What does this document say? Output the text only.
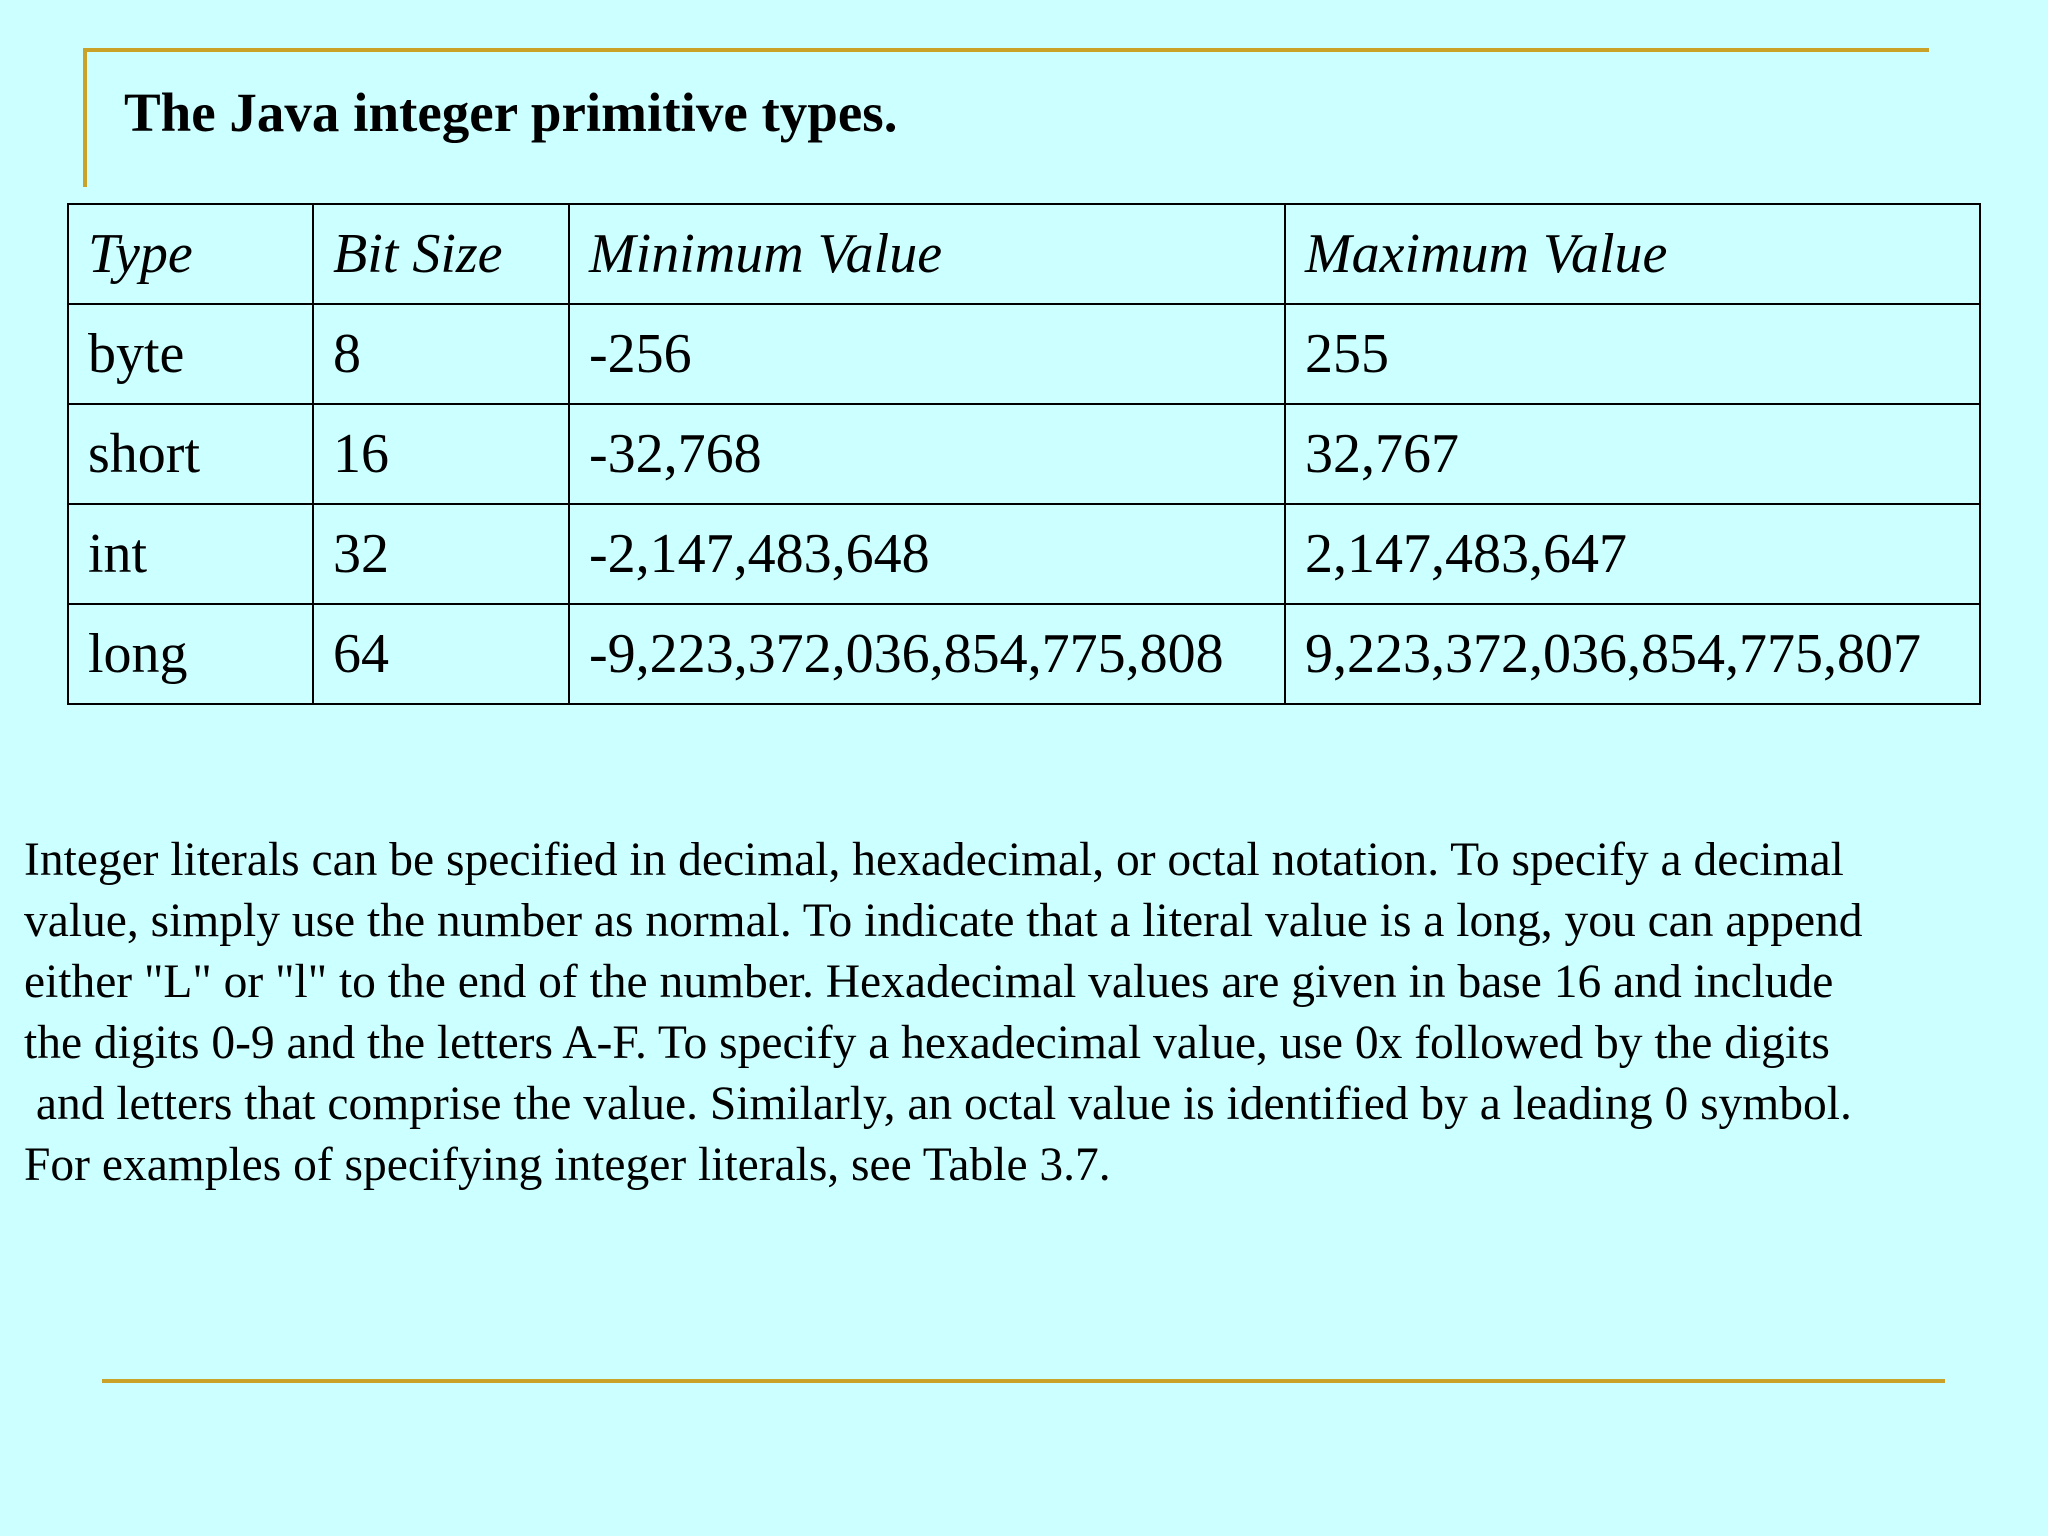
The Java integer primitive types.
Type	Bit Size	Minimum Value	Maximum Value
byte	8	-256	255
short	16	-32,768	32,767
int	32	-2,147,483,648	2,147,483,647
long	64	-9,223,372,036,854,775,808	9,223,372,036,854,775,807

Integer literals can be specified in decimal, hexadecimal, or octal notation. To specify a decimal
value, simply use the number as normal. To indicate that a literal value is a long, you can append
either "L" or "l" to the end of the number. Hexadecimal values are given in base 16 and include
the digits 0-9 and the letters A-F. To specify a hexadecimal value, use 0x followed by the digits
and letters that comprise the value. Similarly, an octal value is identified by a leading 0 symbol.
For examples of specifying integer literals, see Table 3.7.
